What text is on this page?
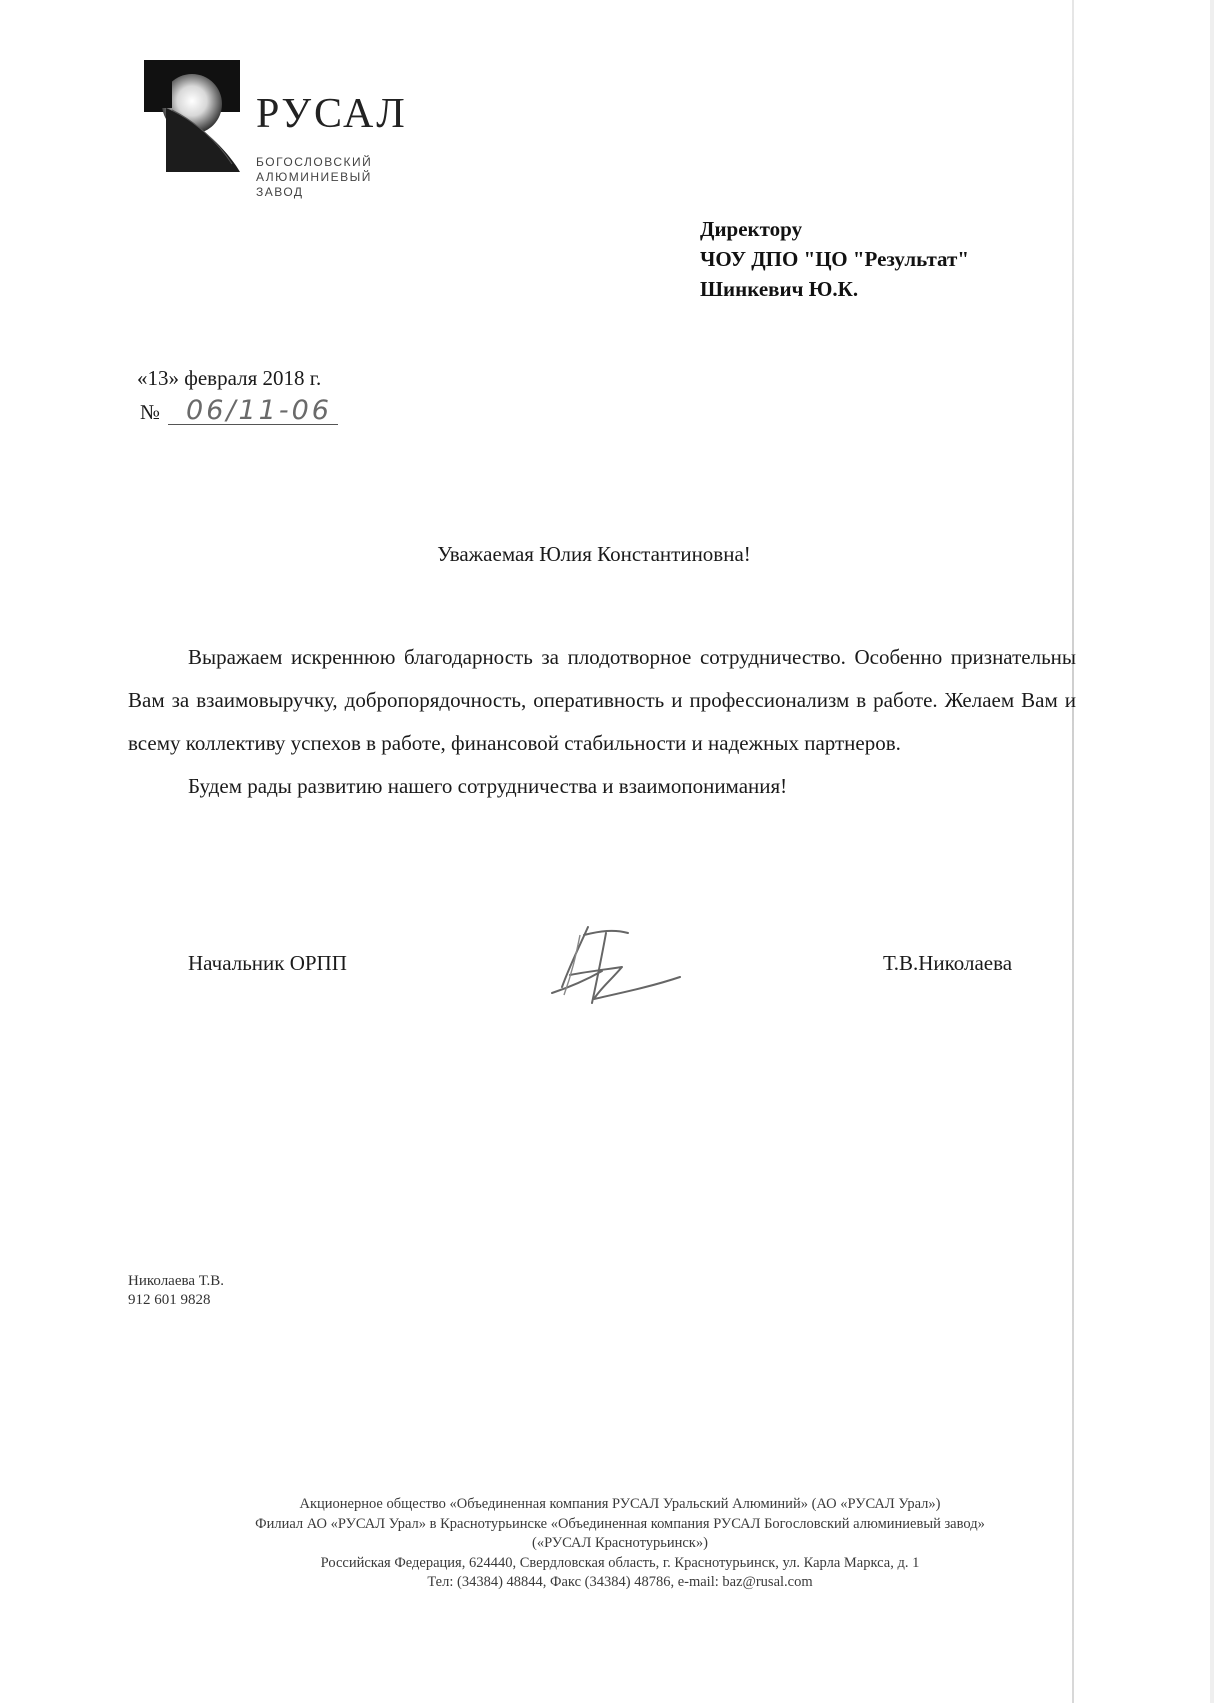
РУСАЛ
БОГОСЛОВСКИЙ
АЛЮМИНИЕВЫЙ
ЗАВОД
Директору
ЧОУ ДПО "ЦО "Результат"
Шинкевич Ю.К.
«13» февраля 2018 г.
№ 06/11-06
Уважаемая Юлия Константиновна!

Выражаем искреннюю благодарность за плодотворное сотрудничество. Особенно признательны Вам за взаимовыручку, добропорядочность, оперативность и профессионализм в работе. Желаем Вам и всему коллективу успехов в работе, финансовой стабильности и надежных партнеров.

Будем рады развитию нашего сотрудничества и взаимопонимания!

Начальник ОРПП	Т.В.Николаева
Николаева Т.В.
912 601 9828
Акционерное общество «Объединенная компания РУСАЛ Уральский Алюминий» (АО «РУСАЛ Урал»)
Филиал АО «РУСАЛ Урал» в Краснотурьинске «Объединенная компания РУСАЛ Богословский алюминиевый завод»
(«РУСАЛ Краснотурьинск»)
Российская Федерация, 624440, Свердловская область, г. Краснотурьинск, ул. Карла Маркса, д. 1
Тел: (34384) 48844, Факс (34384) 48786, e-mail: baz@rusal.com
